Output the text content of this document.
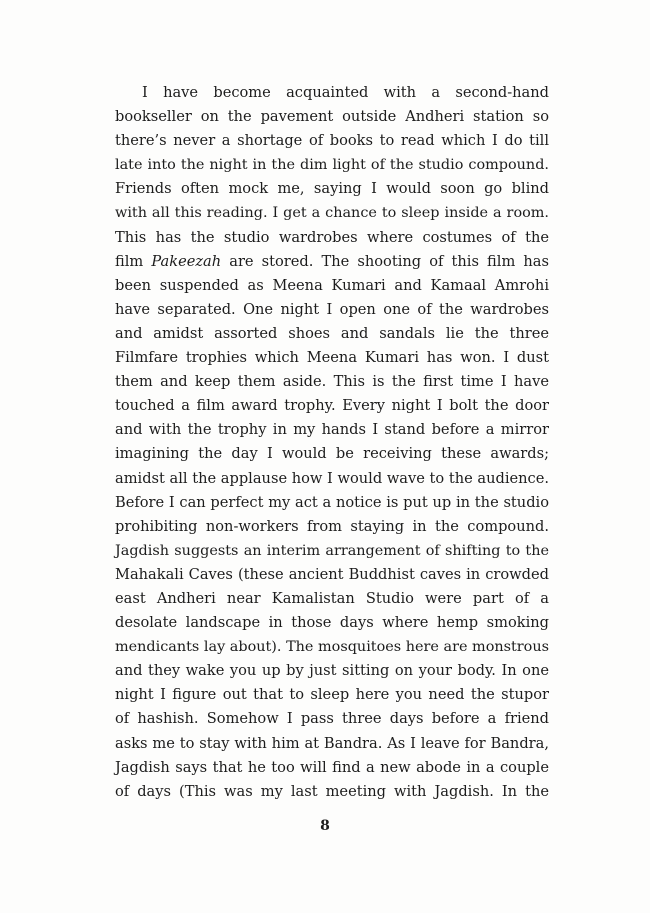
I have become acquainted with a second-hand
bookseller on the pavement outside Andheri station so
there’s never a shortage of books to read which I do till
late into the night in the dim light of the studio compound.
Friends often mock me, saying I would soon go blind
with all this reading. I get a chance to sleep inside a room.
This has the studio wardrobes where costumes of the
film Pakeezah are stored. The shooting of this film has
been suspended as Meena Kumari and Kamaal Amrohi
have separated. One night I open one of the wardrobes
and amidst assorted shoes and sandals lie the three
Filmfare trophies which Meena Kumari has won. I dust
them and keep them aside. This is the first time I have
touched a film award trophy. Every night I bolt the door
and with the trophy in my hands I stand before a mirror
imagining the day I would be receiving these awards;
amidst all the applause how I would wave to the audience.
Before I can perfect my act a notice is put up in the studio
prohibiting non-workers from staying in the compound.
Jagdish suggests an interim arrangement of shifting to the
Mahakali Caves (these ancient Buddhist caves in crowded
east Andheri near Kamalistan Studio were part of a
desolate landscape in those days where hemp smoking
mendicants lay about). The mosquitoes here are monstrous
and they wake you up by just sitting on your body. In one
night I figure out that to sleep here you need the stupor
of hashish. Somehow I pass three days before a friend
asks me to stay with him at Bandra. As I leave for Bandra,
Jagdish says that he too will find a new abode in a couple
of days (This was my last meeting with Jagdish. In the
8
